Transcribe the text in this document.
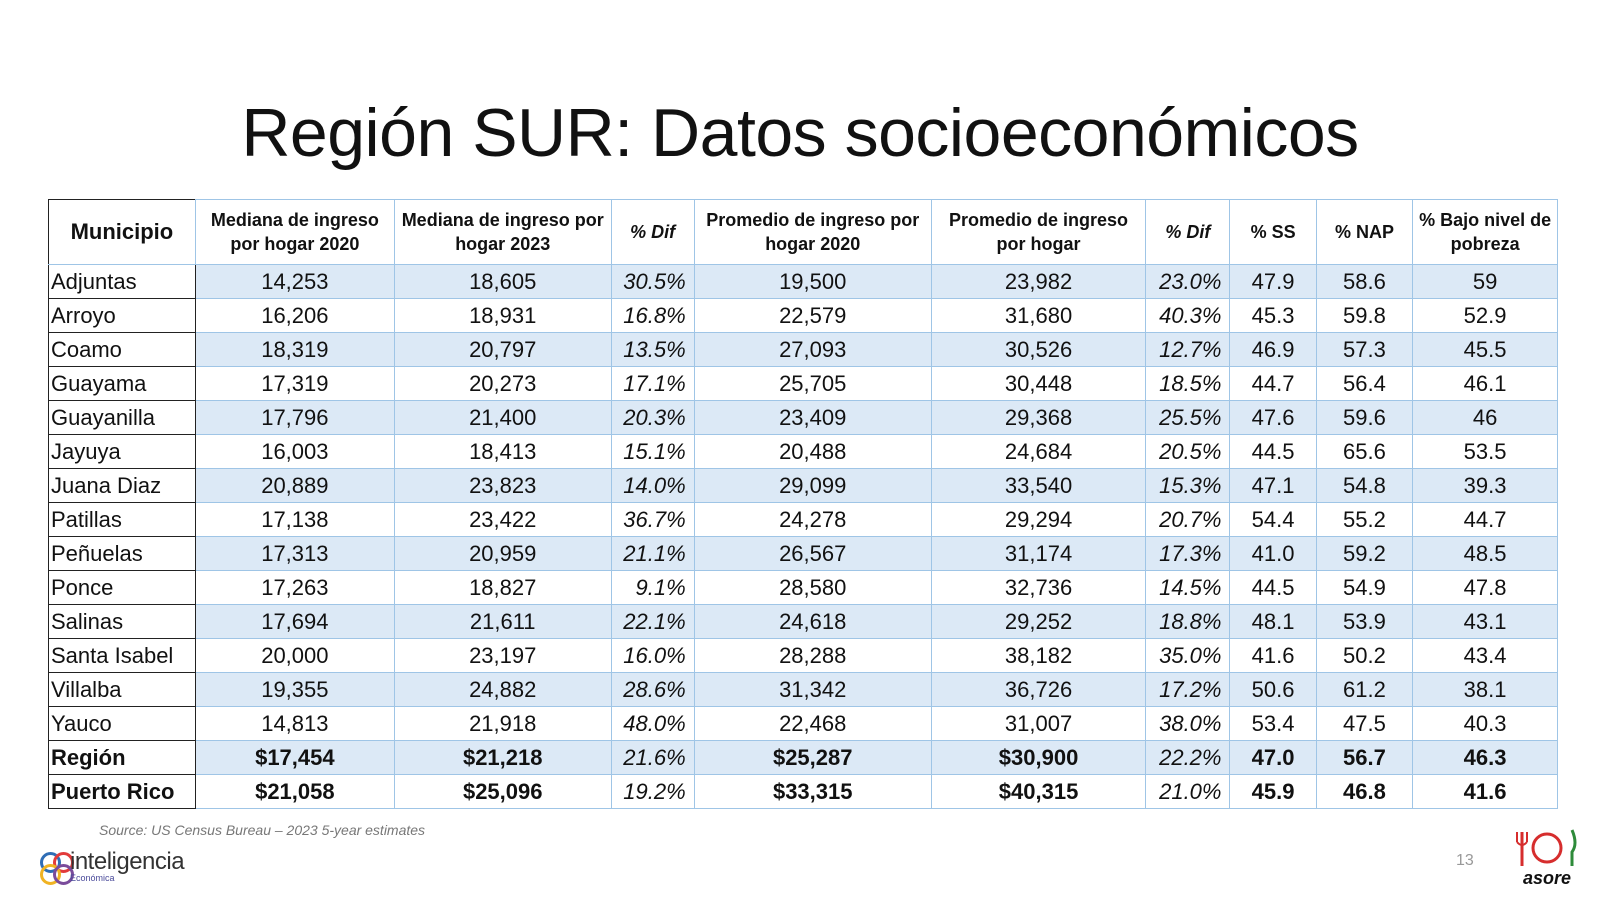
Región SUR: Datos socioeconómicos
Municipio	Mediana de ingreso por hogar 2020	Mediana de ingreso por hogar 2023	% Dif	Promedio de ingreso por hogar 2020	Promedio de ingreso por hogar	% Dif	% SS	% NAP	% Bajo nivel de pobreza
Adjuntas	14,253	18,605	30.5%	19,500	23,982	23.0%	47.9	58.6	59
Arroyo	16,206	18,931	16.8%	22,579	31,680	40.3%	45.3	59.8	52.9
Coamo	18,319	20,797	13.5%	27,093	30,526	12.7%	46.9	57.3	45.5
Guayama	17,319	20,273	17.1%	25,705	30,448	18.5%	44.7	56.4	46.1
Guayanilla	17,796	21,400	20.3%	23,409	29,368	25.5%	47.6	59.6	46
Jayuya	16,003	18,413	15.1%	20,488	24,684	20.5%	44.5	65.6	53.5
Juana Diaz	20,889	23,823	14.0%	29,099	33,540	15.3%	47.1	54.8	39.3
Patillas	17,138	23,422	36.7%	24,278	29,294	20.7%	54.4	55.2	44.7
Peñuelas	17,313	20,959	21.1%	26,567	31,174	17.3%	41.0	59.2	48.5
Ponce	17,263	18,827	9.1%	28,580	32,736	14.5%	44.5	54.9	47.8
Salinas	17,694	21,611	22.1%	24,618	29,252	18.8%	48.1	53.9	43.1
Santa Isabel	20,000	23,197	16.0%	28,288	38,182	35.0%	41.6	50.2	43.4
Villalba	19,355	24,882	28.6%	31,342	36,726	17.2%	50.6	61.2	38.1
Yauco	14,813	21,918	48.0%	22,468	31,007	38.0%	53.4	47.5	40.3
Región	$17,454	$21,218	21.6%	$25,287	$30,900	22.2%	47.0	56.7	46.3
Puerto Rico	$21,058	$25,096	19.2%	$33,315	$40,315	21.0%	45.9	46.8	41.6
Source: US Census Bureau – 2023 5-year estimates
inteligencia
Económica
13
asore
